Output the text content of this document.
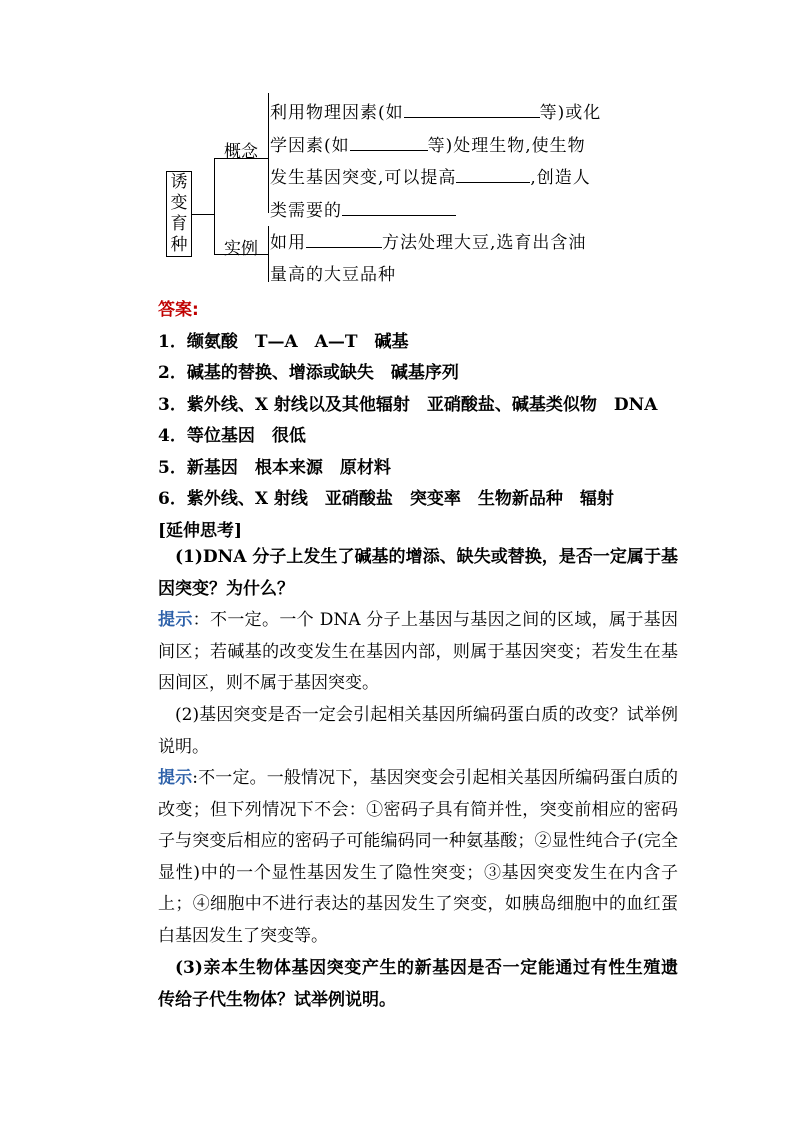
诱
变
育
种
概念
实例
利用物理因素(如	等)或化
学因素(如	等)处理生物,使生物
发生基因突变,可以提高	,创造人
类需要的
如用	方法处理大豆,选育出含油
量高的大豆品种
答案:
1．缬氨酸　T—A　A—T　碱基
2．碱基的替换、增添或缺失　碱基序列
3．紫外线、X 射线以及其他辐射　亚硝酸盐、碱基类似物　DNA
4．等位基因　很低
5．新基因　根本来源　原材料
6．紫外线、X 射线　亚硝酸盐　突变率　生物新品种　辐射
[延伸思考]
(1)DNA 分子上发生了碱基的增添、缺失或替换，是否一定属于基因突变？为什么？
提示：不一定。一个 DNA 分子上基因与基因之间的区域，属于基因间区；若碱基的改变发生在基因内部，则属于基因突变；若发生在基因间区，则不属于基因突变。
(2)基因突变是否一定会引起相关基因所编码蛋白质的改变？试举例说明。
提示:不一定。一般情况下，基因突变会引起相关基因所编码蛋白质的改变；但下列情况下不会：①密码子具有简并性，突变前相应的密码子与突变后相应的密码子可能编码同一种氨基酸；②显性纯合子(完全显性)中的一个显性基因发生了隐性突变；③基因突变发生在内含子上；④细胞中不进行表达的基因发生了突变，如胰岛细胞中的血红蛋白基因发生了突变等。
(3)亲本生物体基因突变产生的新基因是否一定能通过有性生殖遗传给子代生物体？试举例说明。
